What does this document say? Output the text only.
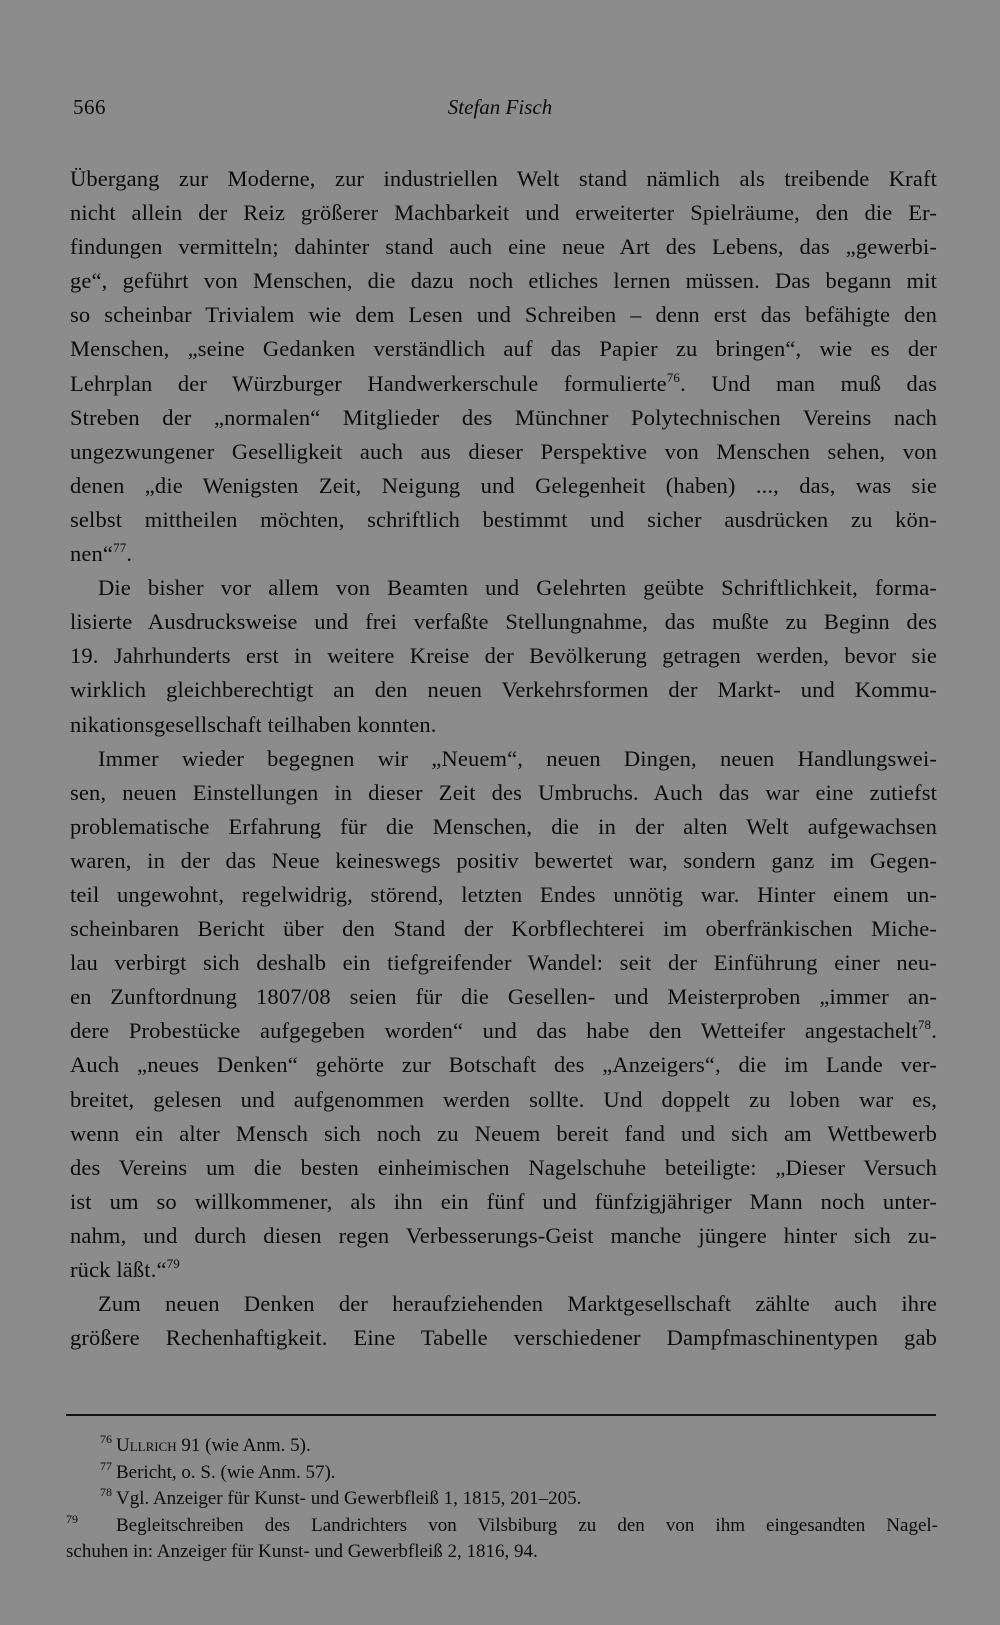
566	Stefan Fisch
Übergang zur Moderne, zur industriellen Welt stand nämlich als treibende Kraft
nicht allein der Reiz größerer Machbarkeit und erweiterter Spielräume, den die Er-
findungen vermitteln; dahinter stand auch eine neue Art des Lebens, das „gewerbi-
ge“, geführt von Menschen, die dazu noch etliches lernen müssen. Das begann mit
so scheinbar Trivialem wie dem Lesen und Schreiben – denn erst das befähigte den
Menschen, „seine Gedanken verständlich auf das Papier zu bringen“, wie es der
Lehrplan der Würzburger Handwerkerschule formulierte$^{76}$. Und man muß das
Streben der „normalen“ Mitglieder des Münchner Polytechnischen Vereins nach
ungezwungener Geselligkeit auch aus dieser Perspektive von Menschen sehen, von
denen „die Wenigsten Zeit, Neigung und Gelegenheit (haben) ..., das, was sie
selbst mittheilen möchten, schriftlich bestimmt und sicher ausdrücken zu kön-
nen“$^{77}$.
Die bisher vor allem von Beamten und Gelehrten geübte Schriftlichkeit, forma-
lisierte Ausdrucksweise und frei verfaßte Stellungnahme, das mußte zu Beginn des
19. Jahrhunderts erst in weitere Kreise der Bevölkerung getragen werden, bevor sie
wirklich gleichberechtigt an den neuen Verkehrsformen der Markt- und Kommu-
nikationsgesellschaft teilhaben konnten.
Immer wieder begegnen wir „Neuem“, neuen Dingen, neuen Handlungswei-
sen, neuen Einstellungen in dieser Zeit des Umbruchs. Auch das war eine zutiefst
problematische Erfahrung für die Menschen, die in der alten Welt aufgewachsen
waren, in der das Neue keineswegs positiv bewertet war, sondern ganz im Gegen-
teil ungewohnt, regelwidrig, störend, letzten Endes unnötig war. Hinter einem un-
scheinbaren Bericht über den Stand der Korbflechterei im oberfränkischen Miche-
lau verbirgt sich deshalb ein tiefgreifender Wandel: seit der Einführung einer neu-
en Zunftordnung 1807/08 seien für die Gesellen- und Meisterproben „immer an-
dere Probestücke aufgegeben worden“ und das habe den Wetteifer angestachelt$^{78}$.
Auch „neues Denken“ gehörte zur Botschaft des „Anzeigers“, die im Lande ver-
breitet, gelesen und aufgenommen werden sollte. Und doppelt zu loben war es,
wenn ein alter Mensch sich noch zu Neuem bereit fand und sich am Wettbewerb
des Vereins um die besten einheimischen Nagelschuhe beteiligte: „Dieser Versuch
ist um so willkommener, als ihn ein fünf und fünfzigjähriger Mann noch unter-
nahm, und durch diesen regen Verbesserungs-Geist manche jüngere hinter sich zu-
rück läßt.“$^{79}$
Zum neuen Denken der heraufziehenden Marktgesellschaft zählte auch ihre
größere Rechenhaftigkeit. Eine Tabelle verschiedener Dampfmaschinentypen gab
76 Ullrich 91 (wie Anm. 5).
77 Bericht, o. S. (wie Anm. 57).
78 Vgl. Anzeiger für Kunst- und Gewerbfleiß 1, 1815, 201–205.
79 Begleitschreiben des Landrichters von Vilsbiburg zu den von ihm eingesandten Nagel-
schuhen in: Anzeiger für Kunst- und Gewerbfleiß 2, 1816, 94.
